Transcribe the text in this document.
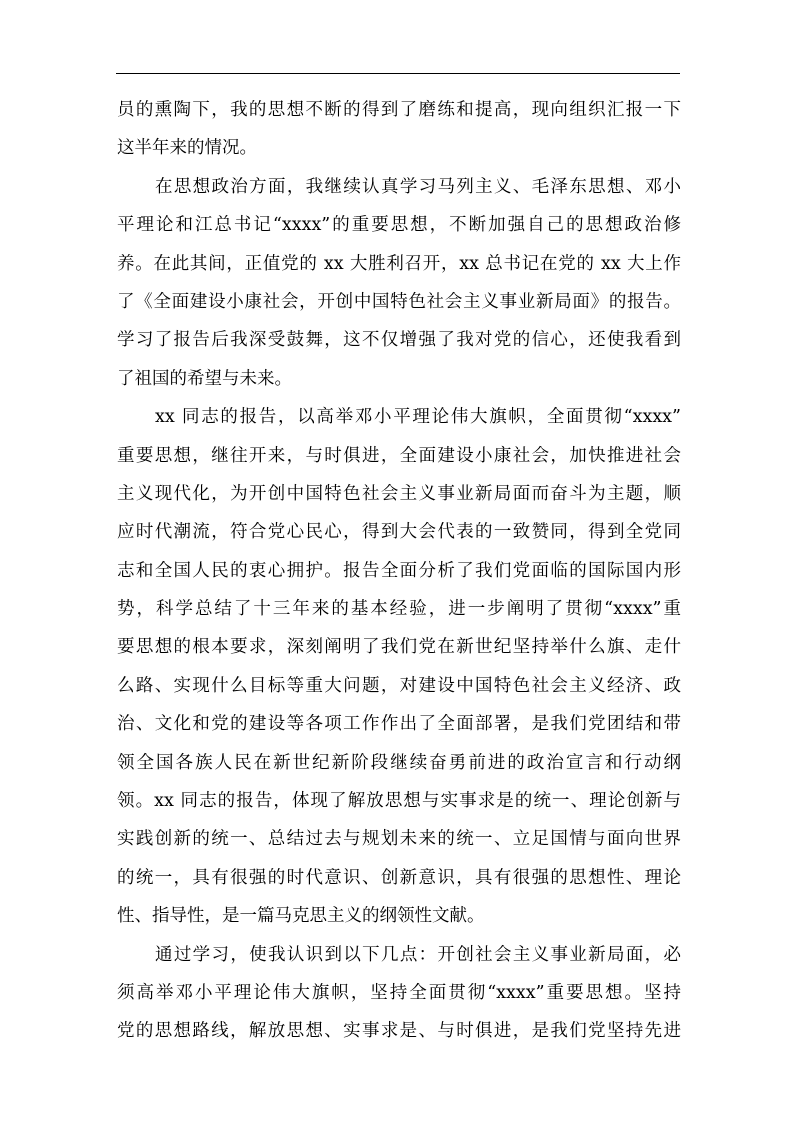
员的熏陶下，我的思想不断的得到了磨练和提高，现向组织汇报一下
这半年来的情况。
在思想政治方面，我继续认真学习马列主义、毛泽东思想、邓小
平理论和江总书记“xxxx”的重要思想，不断加强自己的思想政治修
养。在此其间，正值党的 xx 大胜利召开，xx 总书记在党的 xx 大上作
了《全面建设小康社会，开创中国特色社会主义事业新局面》的报告。
学习了报告后我深受鼓舞，这不仅增强了我对党的信心，还使我看到
了祖国的希望与未来。
xx 同志的报告，以高举邓小平理论伟大旗帜，全面贯彻“xxxx”
重要思想，继往开来，与时俱进，全面建设小康社会，加快推进社会
主义现代化，为开创中国特色社会主义事业新局面而奋斗为主题，顺
应时代潮流，符合党心民心，得到大会代表的一致赞同，得到全党同
志和全国人民的衷心拥护。报告全面分析了我们党面临的国际国内形
势，科学总结了十三年来的基本经验，进一步阐明了贯彻“xxxx”重
要思想的根本要求，深刻阐明了我们党在新世纪坚持举什么旗、走什
么路、实现什么目标等重大问题，对建设中国特色社会主义经济、政
治、文化和党的建设等各项工作作出了全面部署，是我们党团结和带
领全国各族人民在新世纪新阶段继续奋勇前进的政治宣言和行动纲
领。xx 同志的报告，体现了解放思想与实事求是的统一、理论创新与
实践创新的统一、总结过去与规划未来的统一、立足国情与面向世界
的统一，具有很强的时代意识、创新意识，具有很强的思想性、理论
性、指导性，是一篇马克思主义的纲领性文献。
通过学习，使我认识到以下几点：开创社会主义事业新局面，必
须高举邓小平理论伟大旗帜，坚持全面贯彻“xxxx”重要思想。坚持
党的思想路线，解放思想、实事求是、与时俱进，是我们党坚持先进
